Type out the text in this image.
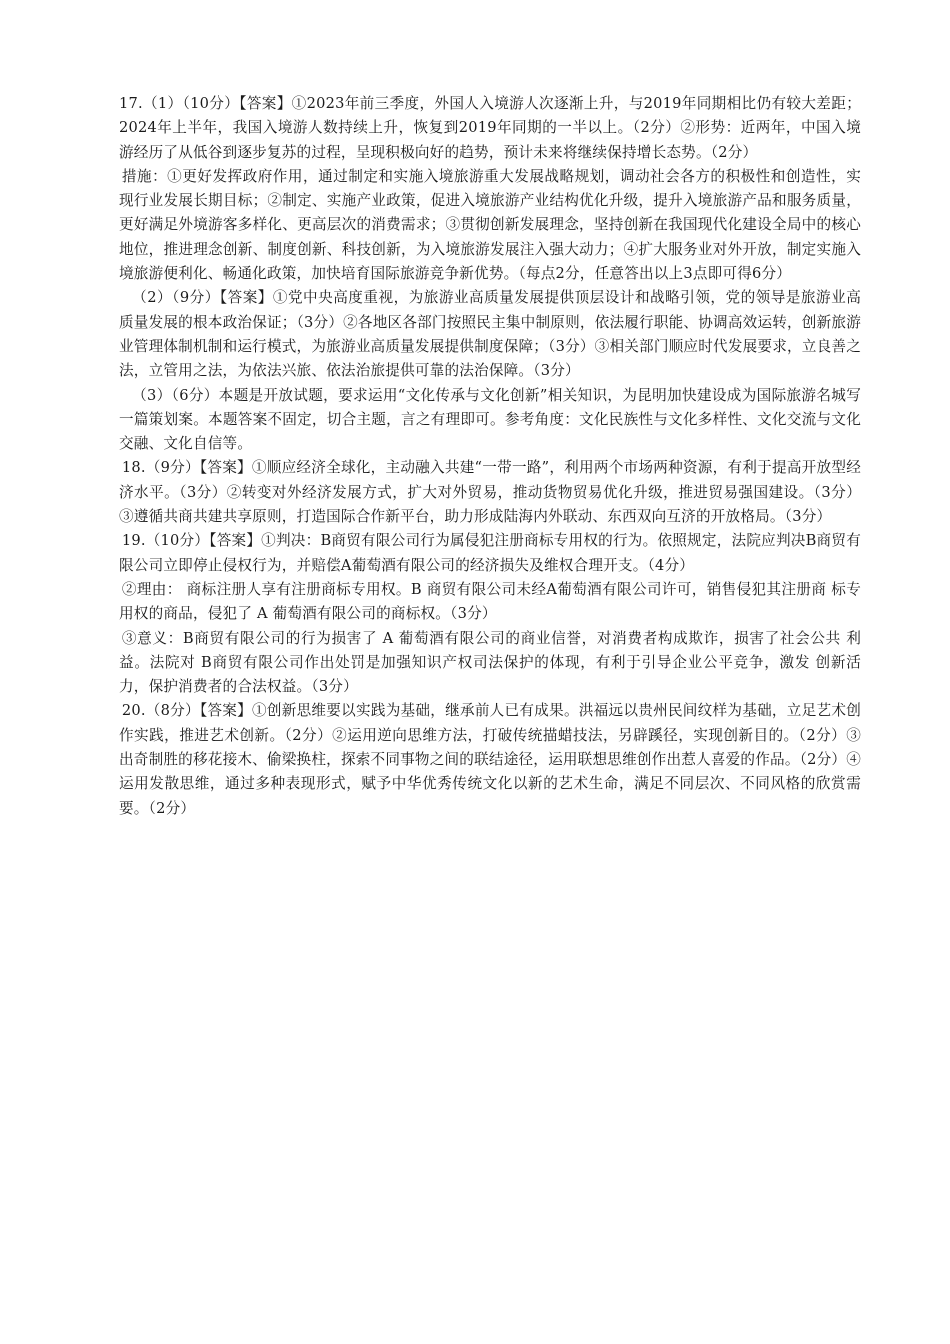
17.（1）（10分）【答案】①2023年前三季度，外国人入境游人次逐渐上升，与2019年同期相比仍有较大差距；2024年上半年，我国入境游人数持续上升，恢复到2019年同期的一半以上。（2分）②形势：近两年，中国入境游经历了从低谷到逐步复苏的过程，呈现积极向好的趋势，预计未来将继续保持增长态势。（2分）

措施：①更好发挥政府作用，通过制定和实施入境旅游重大发展战略规划，调动社会各方的积极性和创造性，实现行业发展长期目标；②制定、实施产业政策，促进入境旅游产业结构优化升级，提升入境旅游产品和服务质量，更好满足外境游客多样化、更高层次的消费需求；③贯彻创新发展理念，坚持创新在我国现代化建设全局中的核心地位，推进理念创新、制度创新、科技创新，为入境旅游发展注入强大动力；④扩大服务业对外开放，制定实施入境旅游便利化、畅通化政策，加快培育国际旅游竞争新优势。（每点2分，任意答出以上3点即可得6分）

（2）（9分）【答案】①党中央高度重视，为旅游业高质量发展提供顶层设计和战略引领，党的领导是旅游业高质量发展的根本政治保证；（3分）②各地区各部门按照民主集中制原则，依法履行职能、协调高效运转，创新旅游业管理体制机制和运行模式，为旅游业高质量发展提供制度保障；（3分）③相关部门顺应时代发展要求，立良善之法，立管用之法，为依法兴旅、依法治旅提供可靠的法治保障。（3分）

（3）（6分）本题是开放试题，要求运用“文化传承与文化创新”相关知识，为昆明加快建设成为国际旅游名城写一篇策划案。本题答案不固定，切合主题，言之有理即可。参考角度：文化民族性与文化多样性、文化交流与文化交融、文化自信等。

18.（9分）【答案】①顺应经济全球化，主动融入共建“一带一路”，利用两个市场两种资源，有利于提高开放型经济水平。（3分）②转变对外经济发展方式，扩大对外贸易，推动货物贸易优化升级，推进贸易强国建设。（3分）③遵循共商共建共享原则，打造国际合作新平台，助力形成陆海内外联动、东西双向互济的开放格局。（3分）

19.（10分）【答案】①判决：B商贸有限公司行为属侵犯注册商标专用权的行为。依照规定，法院应判决B商贸有限公司立即停止侵权行为，并赔偿A葡萄酒有限公司的经济损失及维权合理开支。（4分）

②理由： 商标注册人享有注册商标专用权。B 商贸有限公司未经A葡萄酒有限公司许可，销售侵犯其注册商 标专用权的商品，侵犯了 A 葡萄酒有限公司的商标权。（3分）

③意义：B商贸有限公司的行为损害了 A 葡萄酒有限公司的商业信誉，对消费者构成欺诈，损害了社会公共 利益。法院对 B商贸有限公司作出处罚是加强知识产权司法保护的体现，有利于引导企业公平竞争，激发 创新活力，保护消费者的合法权益。（3分）

20.（8分）【答案】①创新思维要以实践为基础，继承前人已有成果。洪福远以贵州民间纹样为基础，立足艺术创作实践，推进艺术创新。（2分）②运用逆向思维方法，打破传统描蜡技法，另辟蹊径，实现创新目的。（2分）③出奇制胜的移花接木、偷梁换柱，探索不同事物之间的联结途径，运用联想思维创作出惹人喜爱的作品。（2分）④运用发散思维，通过多种表现形式，赋予中华优秀传统文化以新的艺术生命，满足不同层次、不同风格的欣赏需要。（2分）
